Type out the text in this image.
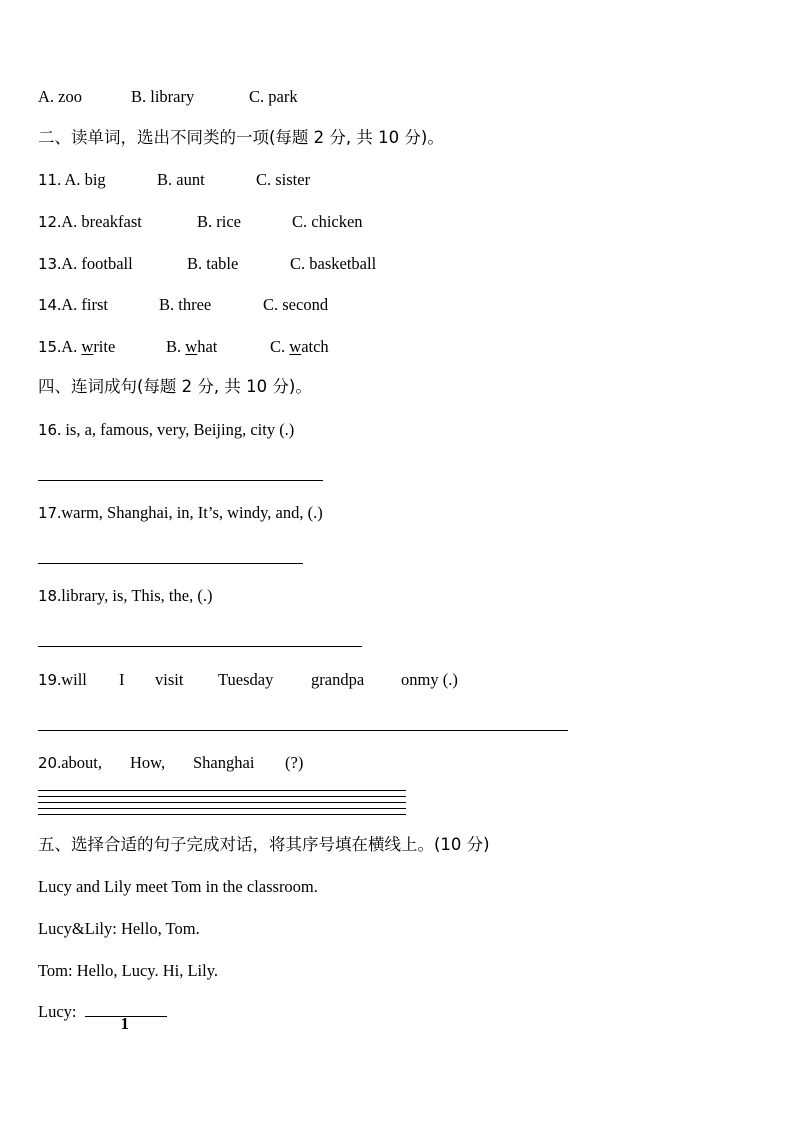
A. zoo	B. library	C. park
二、读单词，选出不同类的一项(每题 2 分, 共 10 分)。
11. A. big	B. aunt	C. sister
12.A. breakfast	B. rice	C. chicken
13.A. football	B. table	C. basketball
14.A. first	B. three	C. second
15.A. write	B. what	C. watch
四、连词成句(每题 2 分, 共 10 分)。
16. is, a, famous, very, Beijing, city (.)
17.warm, Shanghai, in, It’s, windy, and, (.)
18.library, is, This, the, (.)
19.will I visit Tuesday grandpa onmy (.)
20.about, How, Shanghai (?)
五、选择合适的句子完成对话，将其序号填在横线上。(10 分)
Lucy and Lily meet Tom in the classroom.
Lucy&Lily: Hello, Tom.
Tom: Hello, Lucy. Hi, Lily.
Lucy:
1
